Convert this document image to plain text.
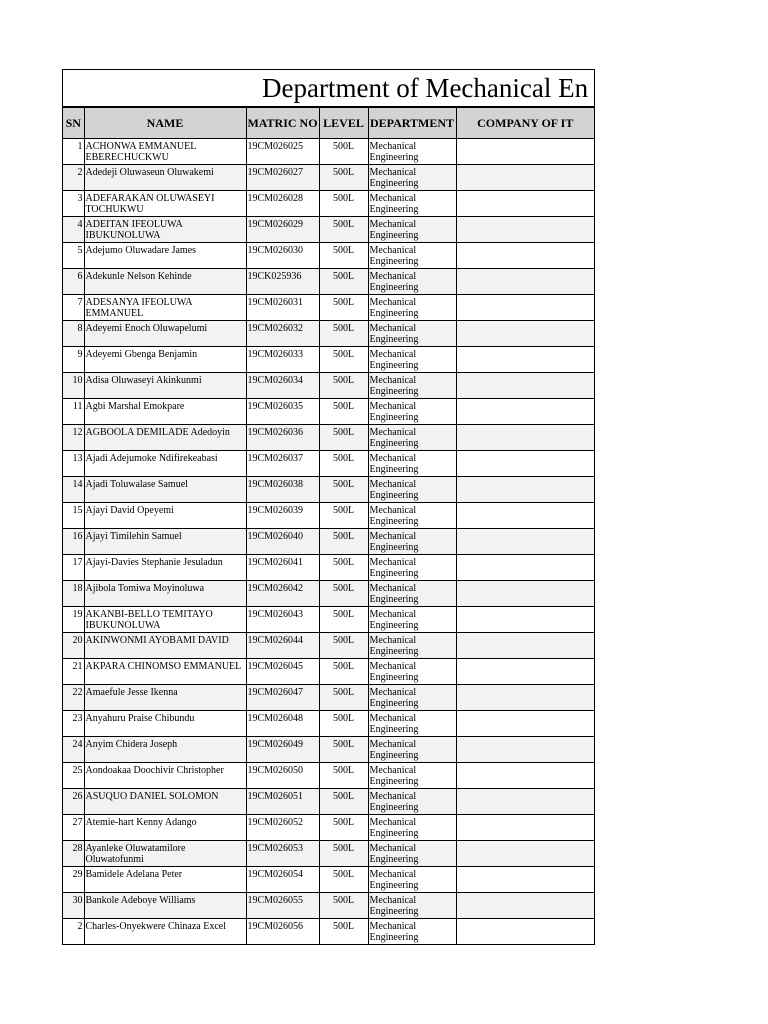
Department of Mechanical En
SN	NAME	MATRIC NO	LEVEL	DEPARTMENT	COMPANY OF IT
1	ACHONWA EMMANUEL EBERECHUCKWU	19CM026025	500L	Mechanical Engineering	
2	Adedeji Oluwaseun Oluwakemi	19CM026027	500L	Mechanical Engineering	
3	ADEFARAKAN OLUWASEYI TOCHUKWU	19CM026028	500L	Mechanical Engineering	
4	ADEITAN IFEOLUWA IBUKUNOLUWA	19CM026029	500L	Mechanical Engineering	
5	Adejumo Oluwadare James	19CM026030	500L	Mechanical Engineering	
6	Adekunle Nelson Kehinde	19CK025936	500L	Mechanical Engineering	
7	ADESANYA IFEOLUWA EMMANUEL	19CM026031	500L	Mechanical Engineering	
8	Adeyemi Enoch Oluwapelumi	19CM026032	500L	Mechanical Engineering	
9	Adeyemi Gbenga Benjamin	19CM026033	500L	Mechanical Engineering	
10	Adisa Oluwaseyi Akinkunmi	19CM026034	500L	Mechanical Engineering	
11	Agbi Marshal Emokpare	19CM026035	500L	Mechanical Engineering	
12	AGBOOLA DEMILADE Adedoyin	19CM026036	500L	Mechanical Engineering	
13	Ajadi Adejumoke Ndifirekeabasi	19CM026037	500L	Mechanical Engineering	
14	Ajadi Toluwalase Samuel	19CM026038	500L	Mechanical Engineering	
15	Ajayi David Opeyemi	19CM026039	500L	Mechanical Engineering	
16	Ajayi Timilehin Samuel	19CM026040	500L	Mechanical Engineering	
17	Ajayi-Davies Stephanie Jesuladun	19CM026041	500L	Mechanical Engineering	
18	Ajibola Tomiwa Moyinoluwa	19CM026042	500L	Mechanical Engineering	
19	AKANBI-BELLO TEMITAYO IBUKUNOLUWA	19CM026043	500L	Mechanical Engineering	
20	AKINWONMI AYOBAMI DAVID	19CM026044	500L	Mechanical Engineering	
21	AKPARA CHINOMSO EMMANUEL	19CM026045	500L	Mechanical Engineering	
22	Amaefule Jesse Ikenna	19CM026047	500L	Mechanical Engineering	
23	Anyahuru Praise Chibundu	19CM026048	500L	Mechanical Engineering	
24	Anyim Chidera Joseph	19CM026049	500L	Mechanical Engineering	
25	Aondoakaa Doochivir Christopher	19CM026050	500L	Mechanical Engineering	
26	ASUQUO DANIEL SOLOMON	19CM026051	500L	Mechanical Engineering	
27	Atemie-hart Kenny Adango	19CM026052	500L	Mechanical Engineering	
28	Ayanleke Oluwatamilore Oluwatofunmi	19CM026053	500L	Mechanical Engineering	
29	Bamidele Adelana Peter	19CM026054	500L	Mechanical Engineering	
30	Bankole Adeboye Williams	19CM026055	500L	Mechanical Engineering	
2	Charles-Onyekwere Chinaza Excel	19CM026056	500L	Mechanical Engineering	
